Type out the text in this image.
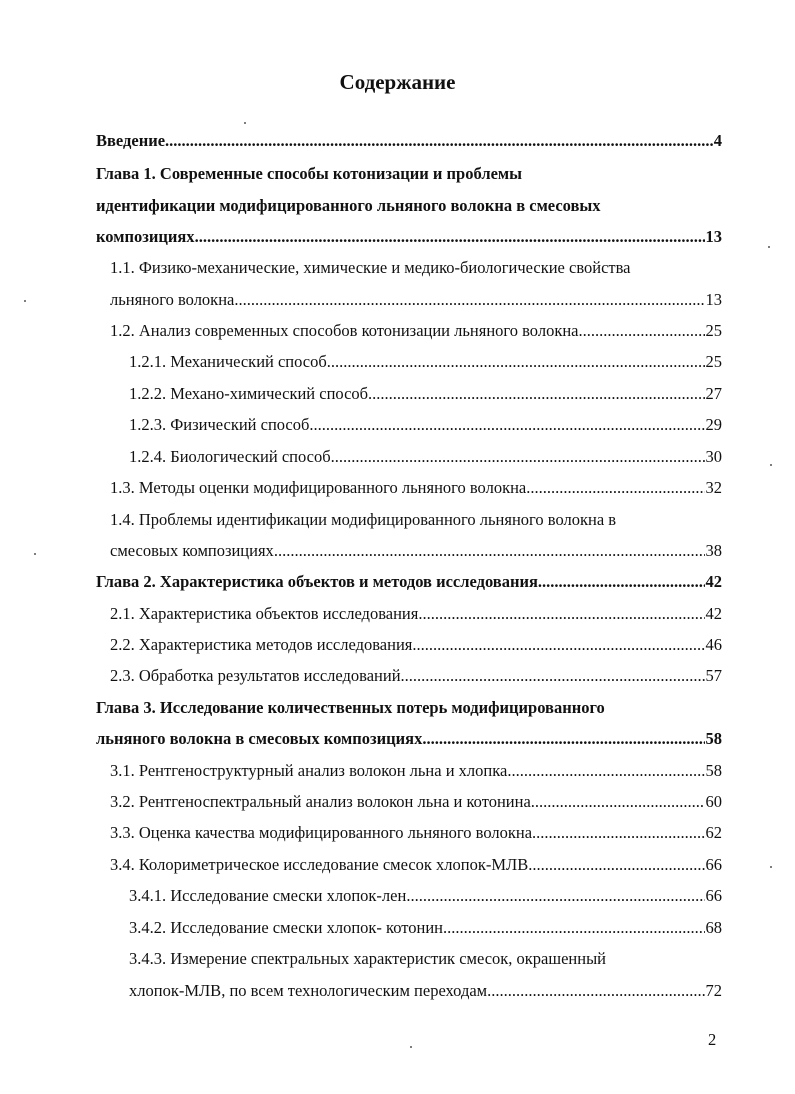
Содержание
Введение .....	4
Глава 1. Современные способы котонизации и проблемы
идентификации модифицированного льняного волокна в смесовых
композициях .....	13
1.1. Физико-механические, химические и медико-биологические свойства
льняного волокна .....	13
1.2. Анализ современных способов котонизации льняного волокна .....	25
1.2.1. Механический способ .....	25
1.2.2. Механо-химический способ .....	27
1.2.3. Физический способ .....	29
1.2.4. Биологический способ .....	30
1.3. Методы оценки модифицированного льняного волокна .....	32
1.4. Проблемы идентификации модифицированного льняного волокна в
смесовых композициях .....	38
Глава 2. Характеристика объектов и методов исследования .....	42
2.1. Характеристика объектов исследования .....	42
2.2. Характеристика методов исследования .....	46
2.3. Обработка результатов исследований .....	57
Глава 3. Исследование количественных потерь модифицированного
льняного волокна в смесовых композициях .....	58
3.1. Рентгеноструктурный анализ волокон льна и хлопка .....	58
3.2. Рентгеноспектральный анализ волокон льна и котонина .....	60
3.3. Оценка качества модифицированного льняного волокна .....	62
3.4. Колориметрическое исследование смесок хлопок-МЛВ .....	66
3.4.1. Исследование смески хлопок-лен .....	66
3.4.2. Исследование смески хлопок- котонин .....	68
3.4.3. Измерение спектральных характеристик смесок, окрашенный
хлопок-МЛВ, по всем технологическим переходам .....	72
2
